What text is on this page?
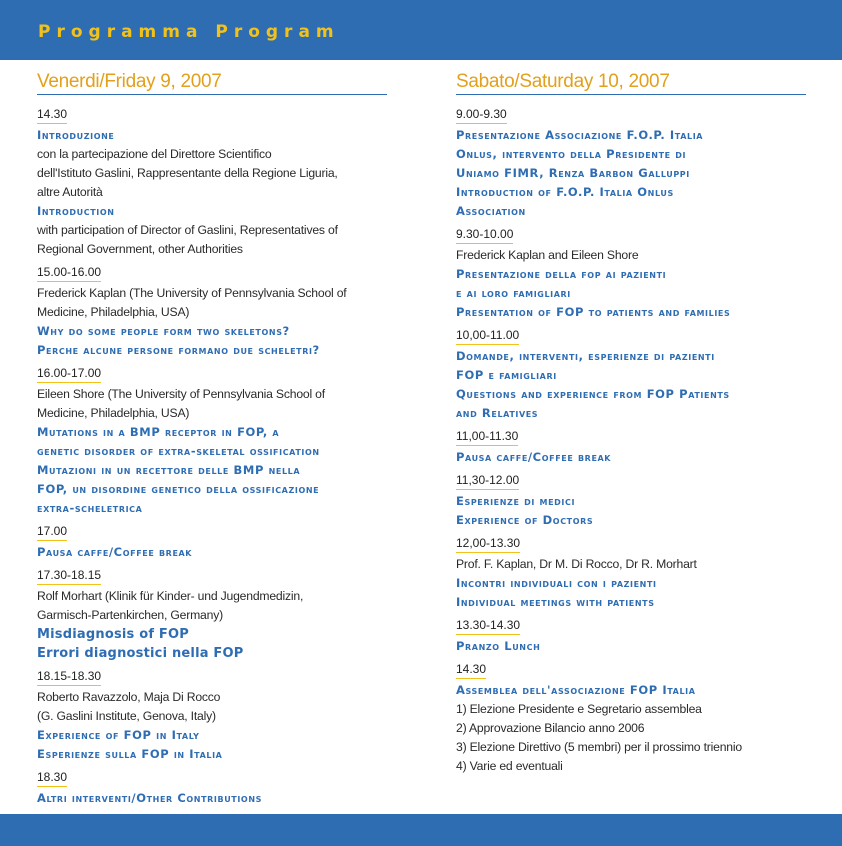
Programma Program
Venerdi/Friday 9, 2007
14.30
Introduzione
con la partecipazione del Direttore Scientifico
dell'Istituto Gaslini, Rappresentante della Regione Liguria,
altre Autorità
Introduction
with participation of Director of Gaslini, Representatives of
Regional Government, other Authorities
15.00-16.00
Frederick Kaplan (The University of Pennsylvania School of
Medicine, Philadelphia, USA)
Why do some people form two skeletons?
Perche alcune persone formano due scheletri?
16.00-17.00
Eileen Shore (The University of Pennsylvania School of
Medicine, Philadelphia, USA)
Mutations in a BMP receptor in FOP, a
genetic disorder of extra-skeletal ossification
Mutazioni in un recettore delle BMP nella
FOP, un disordine genetico della ossificazione
extra-scheletrica
17.00
Pausa caffe/Coffee break
17.30-18.15
Rolf Morhart (Klinik für Kinder- und Jugendmedizin,
Garmisch-Partenkirchen, Germany)
Misdiagnosis of FOP
Errori diagnostici nella FOP
18.15-18.30
Roberto Ravazzolo, Maja Di Rocco
(G. Gaslini Institute, Genova, Italy)
Experience of FOP in Italy
Esperienze sulla FOP in Italia
18.30
Altri interventi/Other Contributions
Sabato/Saturday 10, 2007
9.00-9.30
Presentazione Associazione F.O.P. Italia
Onlus, intervento della Presidente di
Uniamo FIMR, Renza Barbon Galluppi
Introduction of F.O.P. Italia Onlus
Association
9.30-10.00
Frederick Kaplan and Eileen Shore
Presentazione della fop ai pazienti
e ai loro famigliari
Presentation of FOP to patients and families
10,00-11.00
Domande, interventi, esperienze di pazienti
FOP e famigliari
Questions and experience from FOP Patients
and Relatives
11,00-11.30
Pausa caffe/Coffee break
11,30-12.00
Esperienze di medici
Experience of Doctors
12,00-13.30
Prof. F. Kaplan, Dr M. Di Rocco, Dr R. Morhart
Incontri individuali con i pazienti
Individual meetings with patients
13.30-14.30
Pranzo Lunch
14.30
Assemblea dell'associazione FOP Italia
1) Elezione Presidente e Segretario assemblea
2) Approvazione Bilancio anno 2006
3) Elezione Direttivo (5 membri) per il prossimo triennio
4) Varie ed eventuali
